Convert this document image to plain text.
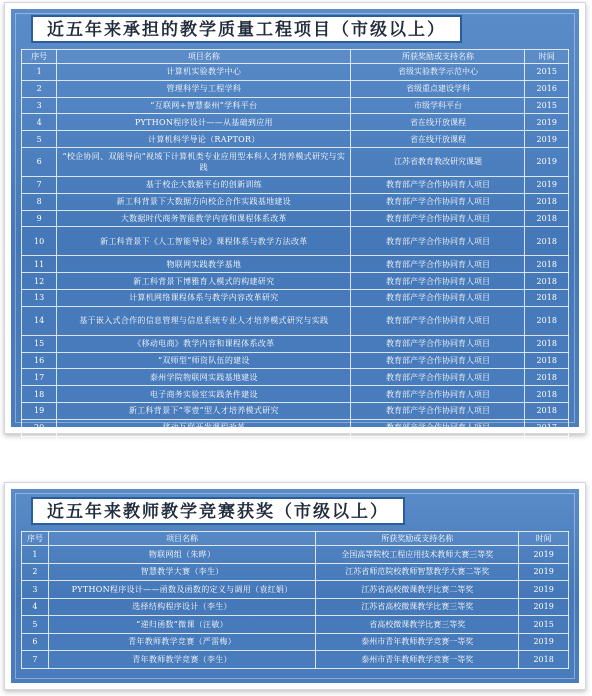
近五年来承担的教学质量工程项目（市级以上）
序号	项目名称	所获奖励或支持名称	时间
1	计算机实验教学中心	省级实验教学示范中心	2015
2	管理科学与工程学科	省级重点建设学科	2016
3	“互联网+智慧泰州”学科平台	市级学科平台	2015
4	PYTHON程序设计——从基础到应用	省在线开放课程	2019
5	计算机科学导论（RAPTOR）	省在线开放课程	2019
6	“校企协同、双能导向”视域下计算机类专业应用型本科人才培养模式研究与实践	江苏省教育教改研究课题	2019
7	基于校企大数据平台的创新训练	教育部产学合作协同育人项目	2019
8	新工科背景下大数据方向校企合作实践基地建设	教育部产学合作协同育人项目	2018
9	大数据时代商务智能教学内容和课程体系改革	教育部产学合作协同育人项目	2018
10	新工科背景下《人工智能导论》课程体系与教学方法改革	教育部产学合作协同育人项目	2018
11	物联网实践教学基地	教育部产学合作协同育人项目	2018
12	新工科背景下博雅育人模式的构建研究	教育部产学合作协同育人项目	2018
13	计算机网络课程体系与教学内容改革研究	教育部产学合作协同育人项目	2018
14	基于嵌入式合作的信息管理与信息系统专业人才培养模式研究与实践	教育部产学合作协同育人项目	2018
15	《移动电商》教学内容和课程体系改革	教育部产学合作协同育人项目	2018
16	“双师型”师资队伍的建设	教育部产学合作协同育人项目	2018
17	泰州学院物联网实践基地建设	教育部产学合作协同育人项目	2018
18	电子商务实验室实践条件建设	教育部产学合作协同育人项目	2018
19	新工科背景下“零壹”型人才培养模式研究	教育部产学合作协同育人项目	2018
20	移动互联开发课程改革	教育部产学合作协同育人项目	2017
21	数据库教学内容和课程体系改革	教育部产学合作协同育人项目	2017
近五年来教师教学竞赛获奖（市级以上）
序号	项目名称	所获奖励或支持名称	时间
1	物联网组（朱晔）	全国高等院校工程应用技术教师大赛三等奖	2019
2	智慧教学大赛（李生）	江苏省师范院校教师智慧教学大赛二等奖	2019
3	PYTHON程序设计——函数及函数的定义与调用（袁红娟）	江苏省高校微课教学比赛二等奖	2019
4	选择结构程序设计（李生）	江苏省高校微课教学比赛三等奖	2019
5	“递归函数”微课（汪敏）	省高校微课教学比赛三等奖	2015
6	青年教师教学竞赛（严雷梅）	泰州市青年教师教学竞赛一等奖	2019
7	青年教师教学竞赛（李生）	泰州市青年教师教学竞赛一等奖	2018
